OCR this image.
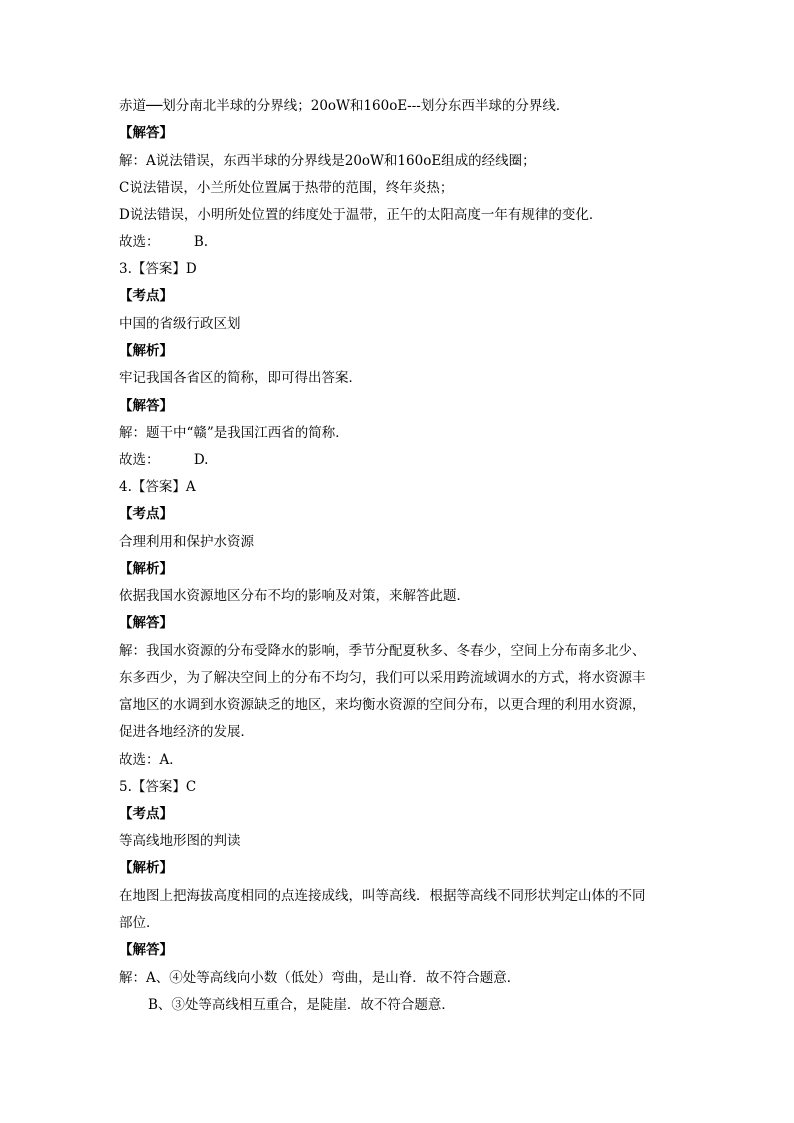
赤道──划分南北半球的分界线；20oW和160oE‑‑‑划分东西半球的分界线．
【解答】
解：A说法错误，东西半球的分界线是20oW和160oE组成的经线圈；
C说法错误，小兰所处位置属于热带的范围，终年炎热；
D说法错误，小明所处位置的纬度处于温带，正午的太阳高度一年有规律的变化．
故选：        B.
3.【答案】D
【考点】
中国的省级行政区划
【解析】
牢记我国各省区的简称，即可得出答案．
【解答】
解：题干中“赣”是我国江西省的简称．
故选：        D.
4.【答案】A
【考点】
合理利用和保护水资源
【解析】
依据我国水资源地区分布不均的影响及对策，来解答此题．
【解答】
解：我国水资源的分布受降水的影响，季节分配夏秋多、冬春少，空间上分布南多北少、
东多西少，为了解决空间上的分布不均匀，我们可以采用跨流域调水的方式，将水资源丰
富地区的水调到水资源缺乏的地区，来均衡水资源的空间分布，以更合理的利用水资源，
促进各地经济的发展．
故选：A．
5.【答案】C
【考点】
等高线地形图的判读
【解析】
在地图上把海拔高度相同的点连接成线，叫等高线．根据等高线不同形状判定山体的不同
部位．
【解答】
解：A、④处等高线向小数（低处）弯曲，是山脊．故不符合题意．
B、③处等高线相互重合，是陡崖．故不符合题意．
